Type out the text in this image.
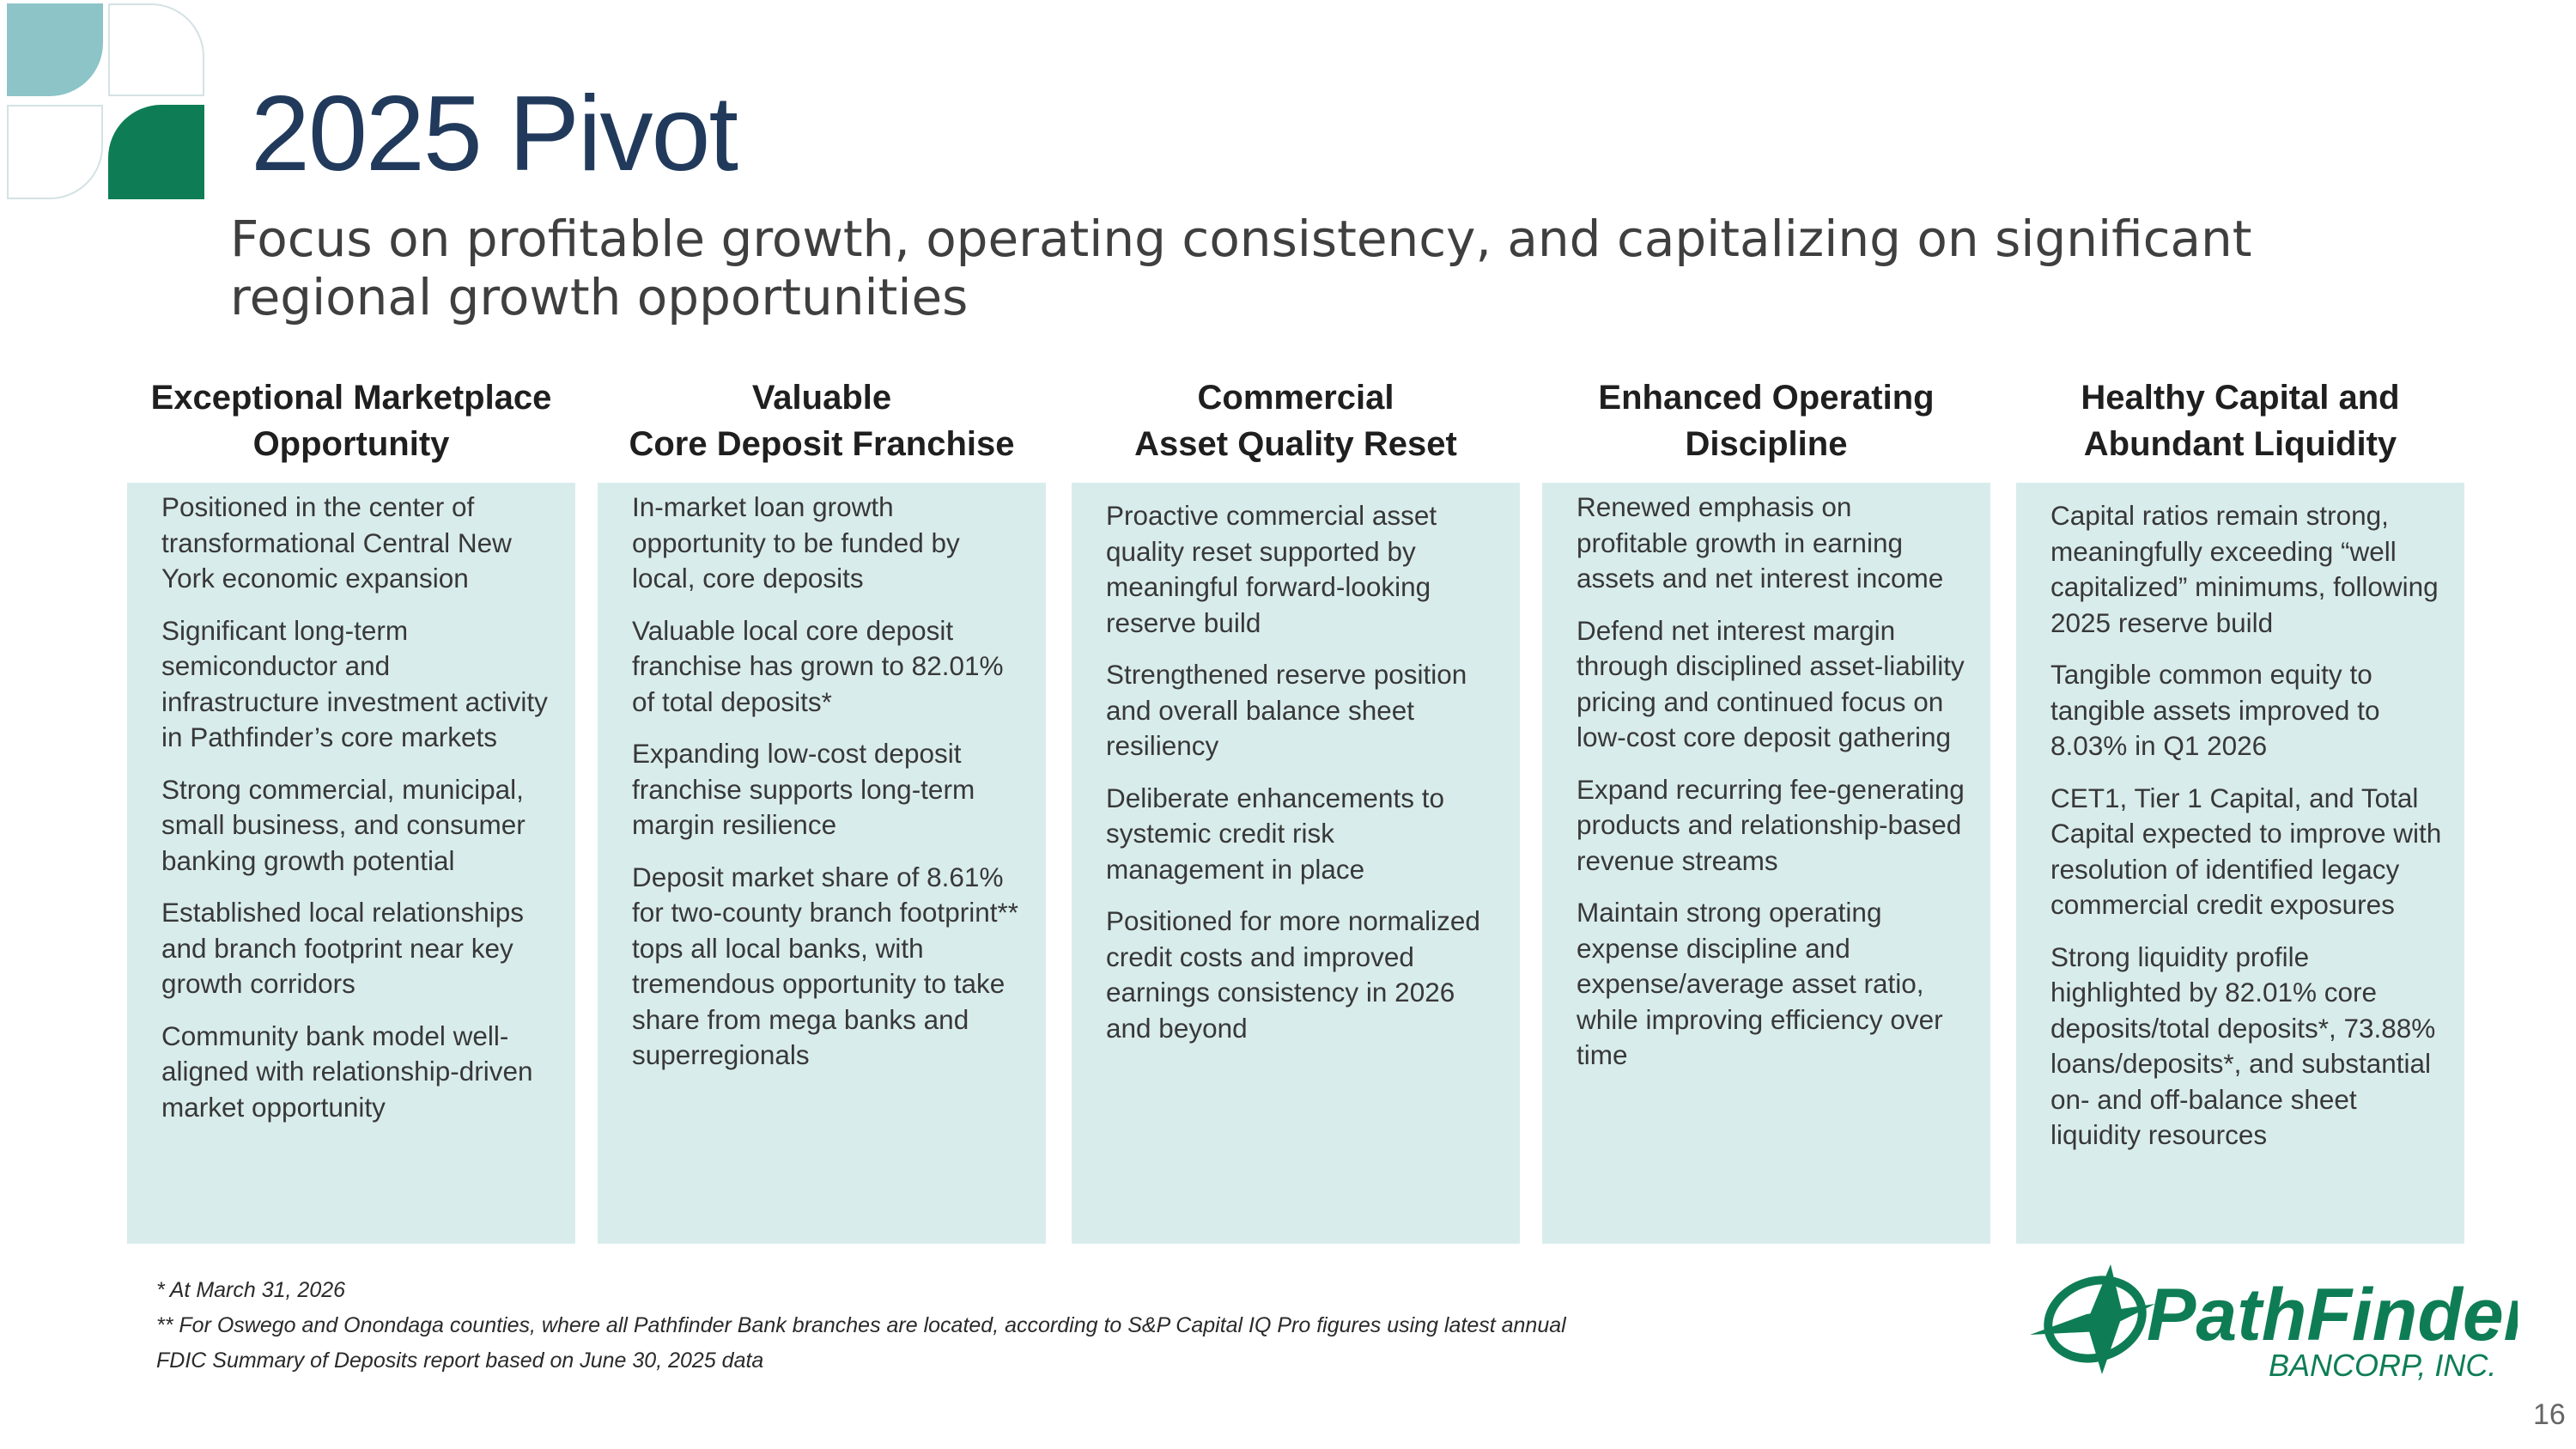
2025 Pivot

Focus on profitable growth, operating consistency, and capitalizing on significant regional growth opportunities

Exceptional Marketplace
Opportunity

Positioned in the center of transformational Central New York economic expansion

Significant long-term semiconductor and infrastructure investment activity in Pathfinder’s core markets

Strong commercial, municipal, small business, and consumer banking growth potential

Established local relationships and branch footprint near key growth corridors

Community bank model well-aligned with relationship-driven market opportunity

Valuable
Core Deposit Franchise

In-market loan growth opportunity to be funded by local, core deposits

Valuable local core deposit franchise has grown to 82.01% of total deposits*

Expanding low-cost deposit franchise supports long-term margin resilience

Deposit market share of 8.61% for two-county branch footprint** tops all local banks, with tremendous opportunity to take share from mega banks and superregionals

Commercial
Asset Quality Reset

Proactive commercial asset quality reset supported by meaningful forward-looking reserve build

Strengthened reserve position and overall balance sheet resiliency

Deliberate enhancements to systemic credit risk management in place

Positioned for more normalized credit costs and improved earnings consistency in 2026 and beyond

Enhanced Operating
Discipline

Renewed emphasis on profitable growth in earning assets and net interest income

Defend net interest margin through disciplined asset-liability pricing and continued focus on low-cost core deposit gathering

Expand recurring fee-generating products and relationship-based revenue streams

Maintain strong operating expense discipline and expense/average asset ratio, while improving efficiency over time

Healthy Capital and
Abundant Liquidity

Capital ratios remain strong, meaningfully exceeding “well capitalized” minimums, following 2025 reserve build

Tangible common equity to tangible assets improved to 8.03% in Q1 2026

CET1, Tier 1 Capital, and Total Capital expected to improve with resolution of identified legacy commercial credit exposures

Strong liquidity profile highlighted by 82.01% core deposits/total deposits*, 73.88% loans/deposits*, and substantial on- and off-balance sheet liquidity resources

* At March 31, 2026

** For Oswego and Onondaga counties, where all Pathfinder Bank branches are located, according to S&P Capital IQ Pro figures using latest annual

FDIC Summary of Deposits report based on June 30, 2025 data

PathFinder
BANCORP, INC.
16
